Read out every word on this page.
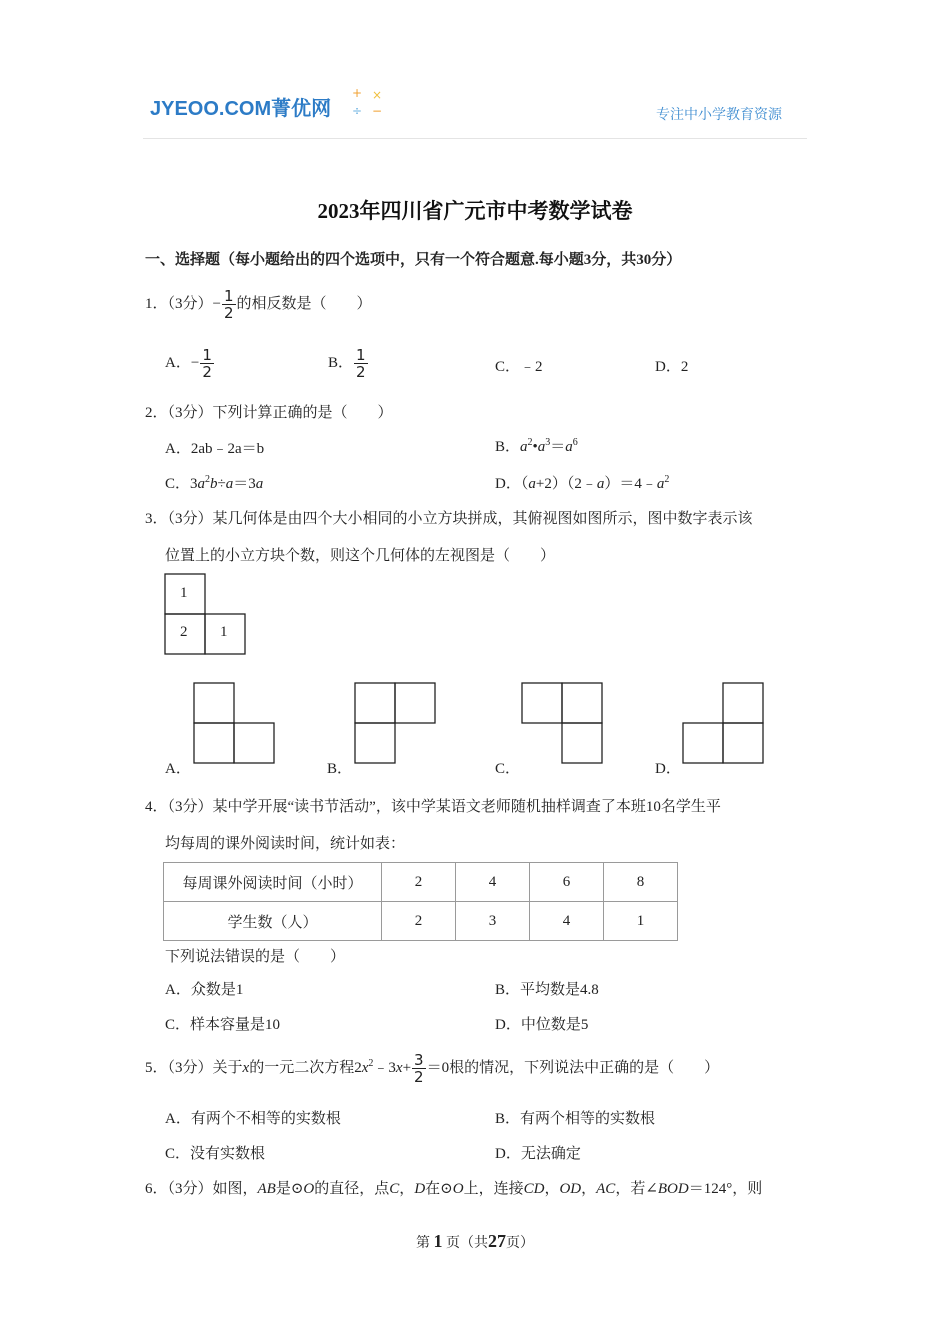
JYEOO.COM菁优网
+ ×
÷ −	专注中小学教育资源
2023年四川省广元市中考数学试卷
一、选择题（每小题给出的四个选项中，只有一个符合题意.每小题3分，共30分）
1．（3分）− $\frac{1}{2}$ 的相反数是（　　）
A．− $\frac{1}{2}$	B． $\frac{1}{2}$	C．﹣2	D．2
2．（3分）下列计算正确的是（　　）
A．2ab﹣2a＝b	B．$a^2•a^3=a^6$
C．$3a^2b\div a=3a$	D．$(a+2)(2﹣a)=4﹣a^2$
3．（3分）某几何体是由四个大小相同的小立方块拼成，其俯视图如图所示，图中数字表示该
位置上的小立方块个数，则这个几何体的左视图是（　　）
1
2 1
A．	B．	C．	D．
4．（3分）某中学开展“读书节活动”，该中学某语文老师随机抽样调查了本班10名学生平
均每周的课外阅读时间，统计如表：
每周课外阅读时间（小时）	2	4	6	8
学生数（人）	2	3	4	1
下列说法错误的是（　　）
A．众数是1	B．平均数是4.8
C．样本容量是10	D．中位数是5
5．（3分）关于x的一元二次方程$2x^2﹣3x+ \frac{3}{2} =0$根的情况，下列说法中正确的是（　　）
A．有两个不相等的实数根	B．有两个相等的实数根
C．没有实数根	D．无法确定
6．（3分）如图，AB是⊙O的直径，点C，D在⊙O上，连接CD，OD，AC，若∠BOD＝124°，则
第 1 页（共27页）
